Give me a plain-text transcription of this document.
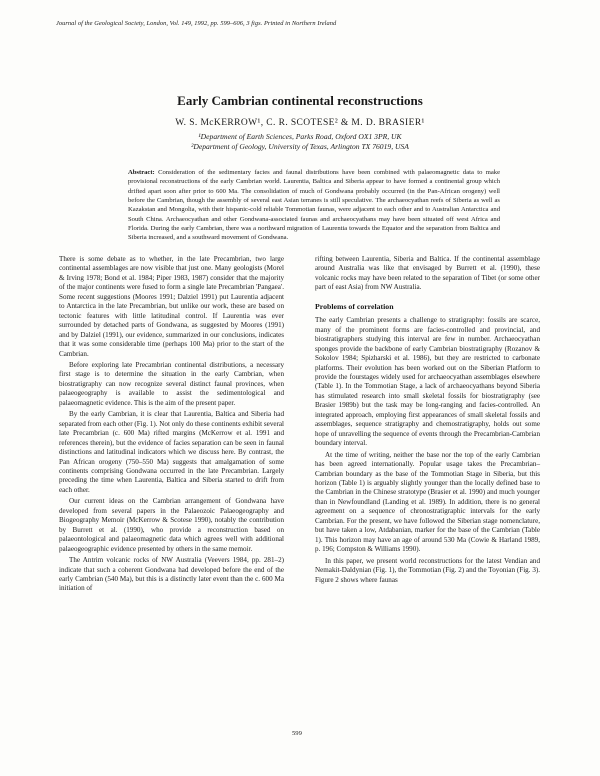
Journal of the Geological Society, London, Vol. 149, 1992, pp. 599–606, 3 figs. Printed in Northern Ireland
Early Cambrian continental reconstructions
W. S. McKERROW¹, C. R. SCOTESE² & M. D. BRASIER¹
¹Department of Earth Sciences, Parks Road, Oxford OX1 3PR, UK
²Department of Geology, University of Texas, Arlington TX 76019, USA

Abstract: Consideration of the sedimentary facies and faunal distributions have been combined with palaeomagnetic data to make provisional reconstructions of the early Cambrian world. Laurentia, Baltica and Siberia appear to have formed a continental group which drifted apart soon after prior to 600 Ma. The consolidation of much of Gondwana probably occurred (in the Pan-African orogeny) well before the Cambrian, though the assembly of several east Asian terranes is still speculative. The archaeocyathan reefs of Siberia as well as Kazakstan and Mongolia, with their hispanic-cold reliable Tommotian faunas, were adjacent to each other and to Australian Antarctica and South China. Archaeocyathan and other Gondwana-associated faunas and archaeocyathans may have been situated off west Africa and Florida. During the early Cambrian, there was a northward migration of Laurentia towards the Equator and the separation from Baltica and Siberia increased, and a southward movement of Gondwana.

There is some debate as to whether, in the late Precambrian, two large continental assemblages are now visible that just one. Many geologists (Morel & Irving 1978; Bond et al. 1984; Piper 1983, 1987) consider that the majority of the major continents were fused to form a single late Precambrian 'Pangaea'. Some recent suggestions (Moores 1991; Dalziel 1991) put Laurentia adjacent to Antarctica in the late Precambrian, but unlike our work, these are based on tectonic features with little latitudinal control. If Laurentia was ever surrounded by detached parts of Gondwana, as suggested by Moores (1991) and by Dalziel (1991), our evidence, summarized in our conclusions, indicates that it was some considerable time (perhaps 100 Ma) prior to the start of the Cambrian.

Before exploring late Precambrian continental distributions, a necessary first stage is to determine the situation in the early Cambrian, when biostratigraphy can now recognize several distinct faunal provinces, when palaeogeography is available to assist the sedimentological and palaeomagnetic evidence. This is the aim of the present paper.

By the early Cambrian, it is clear that Laurentia, Baltica and Siberia had separated from each other (Fig. 1). Not only do these continents exhibit several late Precambrian (c. 600 Ma) rifted margins (McKerrow et al. 1991 and references therein), but the evidence of facies separation can be seen in faunal distinctions and latitudinal indicators which we discuss here. By contrast, the Pan African orogeny (750–550 Ma) suggests that amalgamation of some continents comprising Gondwana occurred in the late Precambrian. Largely preceding the time when Laurentia, Baltica and Siberia started to drift from each other.

Our current ideas on the Cambrian arrangement of Gondwana have developed from several papers in the Palaeozoic Palaeogeography and Biogeography Memoir (McKerrow & Scotese 1990), notably the contribution by Burrett et al. (1990), who provide a reconstruction based on palaeontological and palaeomagnetic data which agrees well with additional palaeogeographic evidence presented by others in the same memoir.

The Antrim volcanic rocks of NW Australia (Veevers 1984, pp. 281–2) indicate that such a coherent Gondwana had developed before the end of the early Cambrian (540 Ma), but this is a distinctly later event than the c. 600 Ma initiation of

rifting between Laurentia, Siberia and Baltica. If the continental assemblage around Australia was like that envisaged by Burrett et al. (1990), these volcanic rocks may have been related to the separation of Tibet (or some other part of east Asia) from NW Australia.

Problems of correlation

The early Cambrian presents a challenge to stratigraphy: fossils are scarce, many of the prominent forms are facies-controlled and provincial, and biostratigraphers studying this interval are few in number. Archaeocyathan sponges provide the backbone of early Cambrian biostratigraphy (Rozanov & Sokolov 1984; Spizharski et al. 1986), but they are restricted to carbonate platforms. Their evolution has been worked out on the Siberian Platform to provide the fourstages widely used for archaeocyathan assemblages elsewhere (Table 1). In the Tommotian Stage, a lack of archaeocyathans beyond Siberia has stimulated research into small skeletal fossils for biostratigraphy (see Brasier 1989b) but the task may be long-ranging and facies-controlled. An integrated approach, employing first appearances of small skeletal fossils and assemblages, sequence stratigraphy and chemostratigraphy, holds out some hope of unravelling the sequence of events through the Precambrian-Cambrian boundary interval.

At the time of writing, neither the base nor the top of the early Cambrian has been agreed internationally. Popular usage takes the Precambrian–Cambrian boundary as the base of the Tommotian Stage in Siberia, but this horizon (Table 1) is arguably slightly younger than the locally defined base to the Cambrian in the Chinese stratotype (Brasier et al. 1990) and much younger than in Newfoundland (Landing et al. 1989). In addition, there is no general agreement on a sequence of chronostratigraphic intervals for the early Cambrian. For the present, we have followed the Siberian stage nomenclature, but have taken a low, Atdabanian, marker for the base of the Cambrian (Table 1). This horizon may have an age of around 530 Ma (Cowie & Harland 1989, p. 196; Compston & Williams 1990).

In this paper, we present world reconstructions for the latest Vendian and Nemakit-Daldynian (Fig. 1), the Tommotian (Fig. 2) and the Toyonian (Fig. 3). Figure 2 shows where faunas

599
